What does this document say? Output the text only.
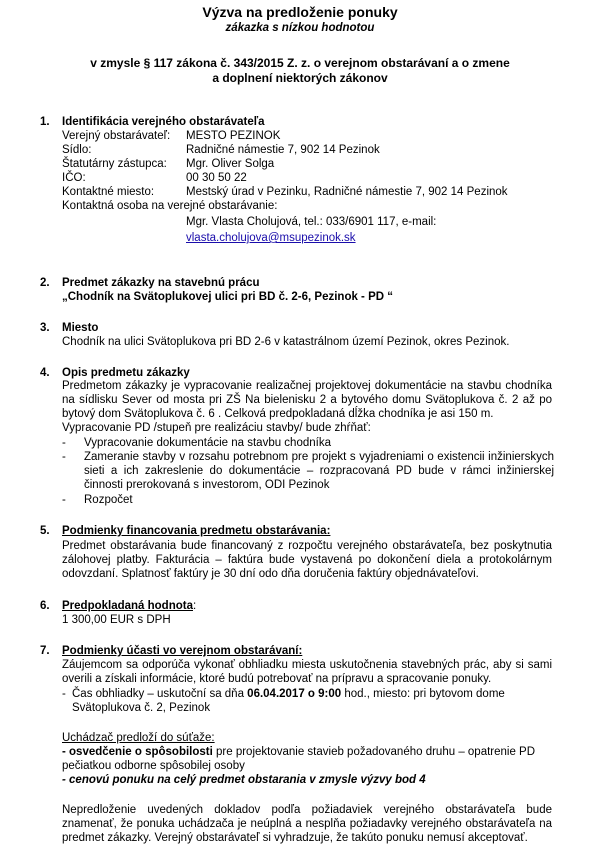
Výzva na predloženie ponuky
zákazka s nízkou hodnotou
v zmysle § 117 zákona č. 343/2015 Z. z. o verejnom obstarávaní a o zmene
a doplnení niektorých zákonov
1. Identifikácia verejného obstarávateľa
Verejný obstarávateľ: MESTO PEZINOK
Sídlo:	Radničné námestie 7, 902 14 Pezinok
Štatutárny zástupca: Mgr. Oliver Solga
IČO:	00 30 50 22
Kontaktné miesto:	Mestský úrad v Pezinku, Radničné námestie 7, 902 14 Pezinok
Kontaktná osoba na verejné obstarávanie:
Mgr. Vlasta Cholujová, tel.: 033/6901 117, e-mail:
vlasta.cholujova@msupezinok.sk
2. Predmet zákazky na stavebnú prácu
„Chodník na Svätoplukovej ulici pri BD č. 2-6, Pezinok - PD “
3. Miesto
Chodník na ulici Svätoplukova pri BD 2-6 v katastrálnom území Pezinok, okres Pezinok.
4. Opis predmetu zákazky
Predmetom zákazky je vypracovanie realizačnej projektovej dokumentácie na stavbu chodníka na sídlisku Sever od mosta pri ZŠ Na bielenisku 2 a bytového domu Svätoplukova č. 2 až po bytový dom Svätoplukova č. 6 . Celková predpokladaná dĺžka chodníka je asi 150 m.
Vypracovanie PD /stupeň pre realizáciu stavby/ bude zhŕňať:
- Vypracovanie dokumentácie na stavbu chodníka
- Zameranie stavby v rozsahu potrebnom pre projekt s vyjadreniami o existencii inžinierskych sieti a ich zakreslenie do dokumentácie – rozpracovaná PD bude v rámci inžinierskej činnosti prerokovaná s investorom, ODI Pezinok
- Rozpočet
5. Podmienky financovania predmetu obstarávania:
Predmet obstarávania bude financovaný z rozpočtu verejného obstarávateľa, bez poskytnutia zálohovej platby. Fakturácia – faktúra bude vystavená po dokončení diela a protokolárnym odovzdaní. Splatnosť faktúry je 30 dní odo dňa doručenia faktúry objednávateľovi.
6. Predpokladaná hodnota:
1 300,00 EUR s DPH
7. Podmienky účasti vo verejnom obstarávaní:
Záujemcom sa odporúča vykonať obhliadku miesta uskutočnenia stavebných prác, aby si sami overili a získali informácie, ktoré budú potrebovať na prípravu a spracovanie ponuky.
- Čas obhliadky – uskutoční sa dňa 06.04.2017 o 9:00 hod., miesto: pri bytovom dome Svätoplukova č. 2, Pezinok
Uchádzač predloží do súťaže:
- osvedčenie o spôsobilosti pre projektovanie stavieb požadovaného druhu – opatrenie PD pečiatkou odborne spôsobilej osoby
- cenovú ponuku na celý predmet obstarania v zmysle výzvy bod 4
Nepredloženie uvedených dokladov podľa požiadaviek verejného obstarávateľa bude znamenať, že ponuka uchádzača je neúplná a nesplňa požiadavky verejného obstarávateľa na predmet zákazky. Verejný obstarávateľ si vyhradzuje, že takúto ponuku nemusí akceptovať.
